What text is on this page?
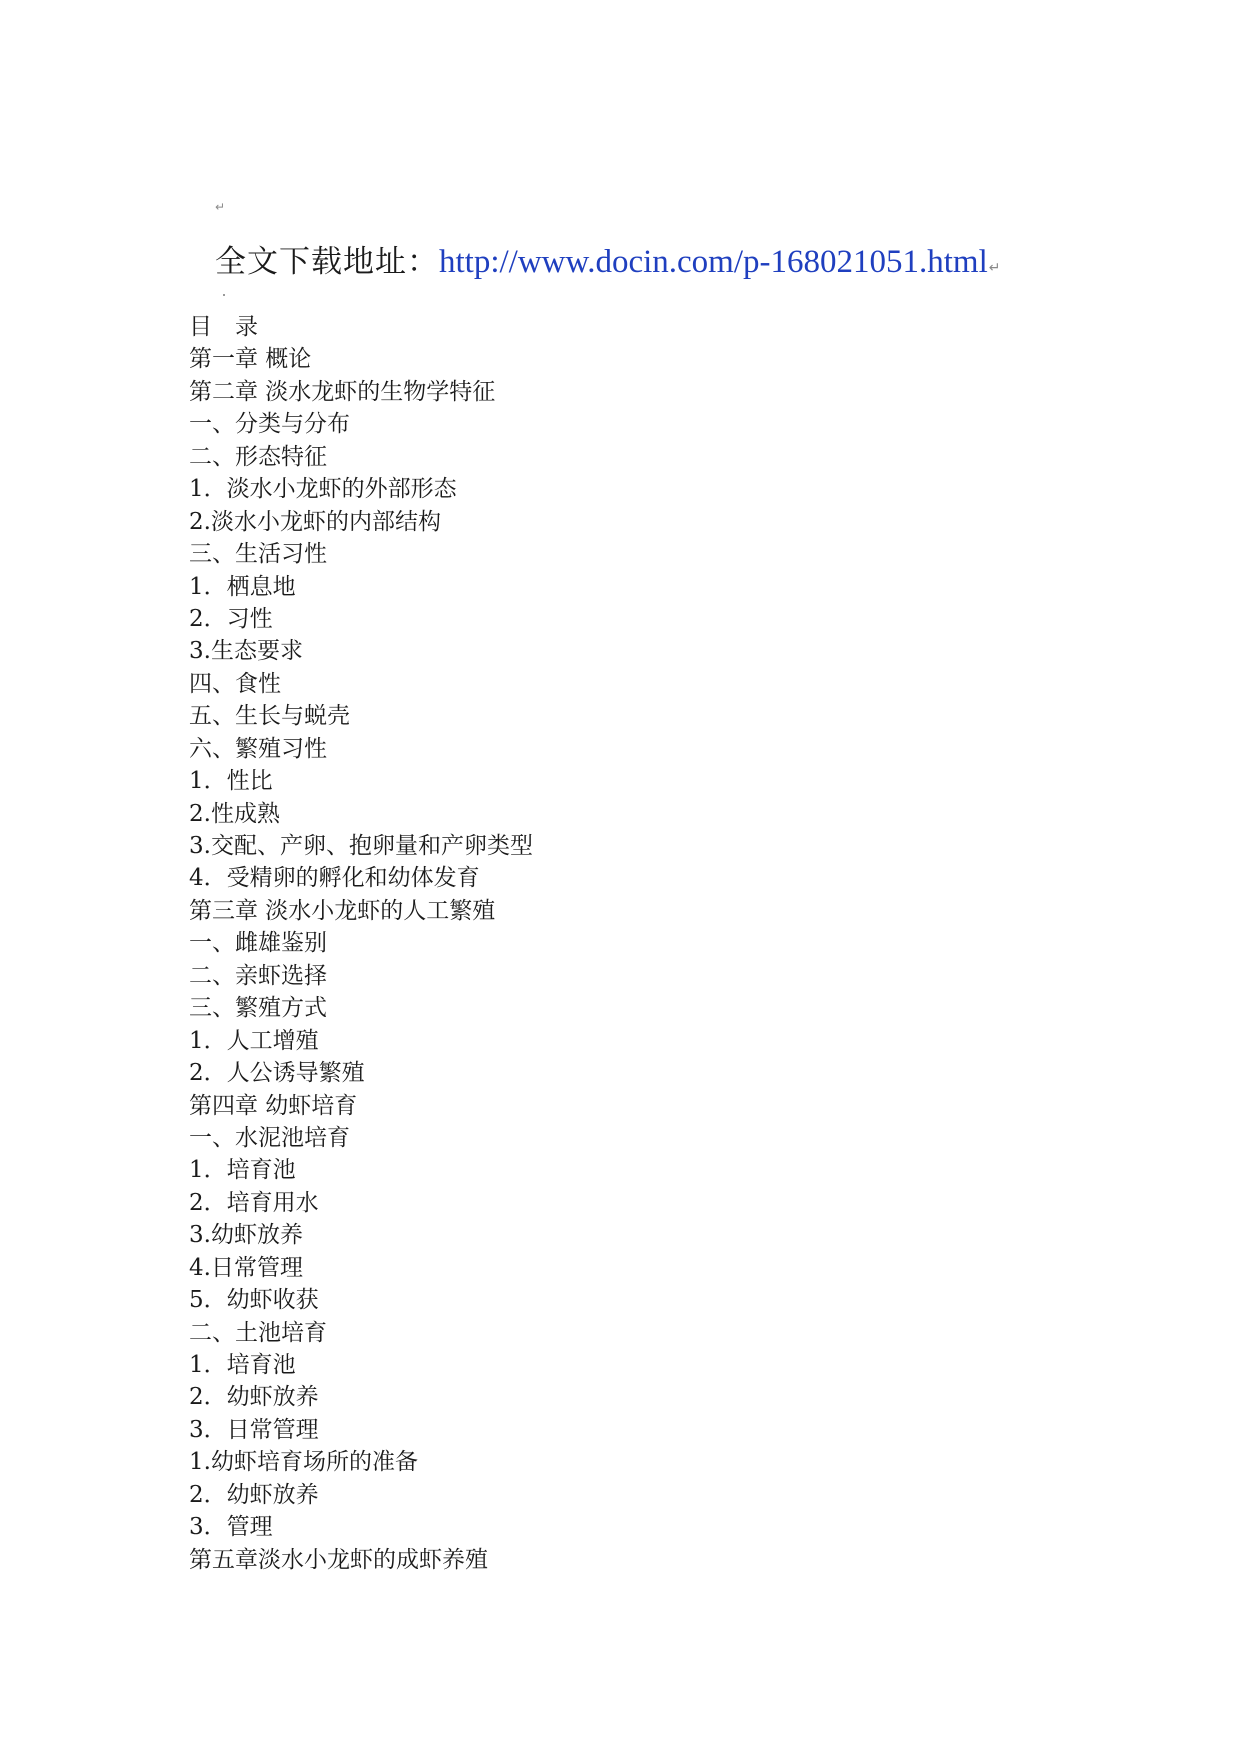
↵
全文下载地址： http://www.docin.com/p-168021051.html ↵
目　录
第一章 概论
第二章 淡水龙虾的生物学特征
一、分类与分布
二、形态特征
1．淡水小龙虾的外部形态
2.淡水小龙虾的内部结构
三、生活习性
1．栖息地
2．习性
3.生态要求
四、食性
五、生长与蜕壳
六、繁殖习性
1．性比
2.性成熟
3.交配、产卵、抱卵量和产卵类型
4．受精卵的孵化和幼体发育
第三章 淡水小龙虾的人工繁殖
一、雌雄鉴别
二、亲虾选择
三、繁殖方式
1．人工增殖
2．人公诱导繁殖
第四章 幼虾培育
一、水泥池培育
1．培育池
2．培育用水
3.幼虾放养
4.日常管理
5．幼虾收获
二、土池培育
1．培育池
2．幼虾放养
3．日常管理
1.幼虾培育场所的准备
2．幼虾放养
3．管理
第五章淡水小龙虾的成虾养殖
